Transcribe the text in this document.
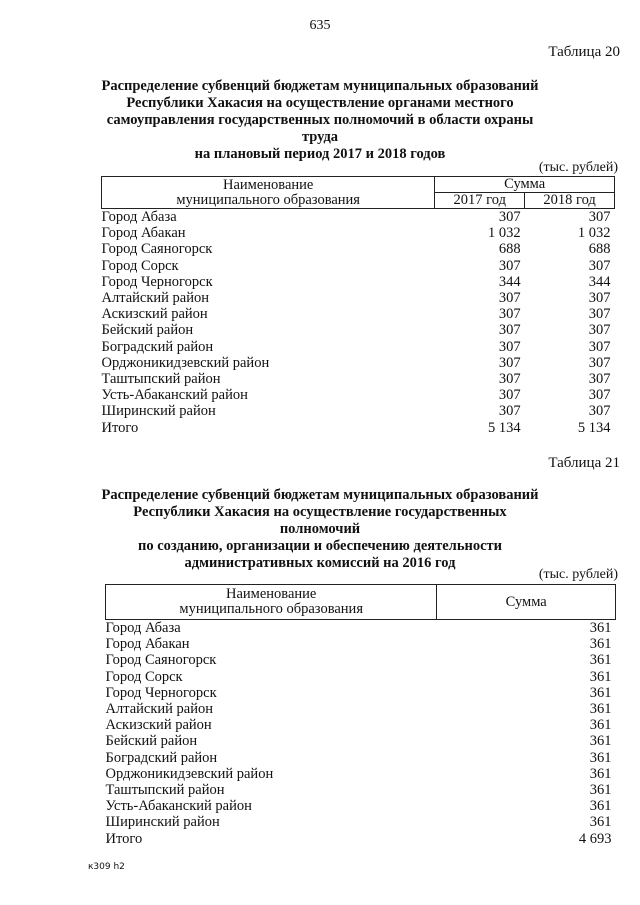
635
Таблица 20
Распределение субвенций бюджетам муниципальных образований
Республики Хакасия на осуществление органами местного
самоуправления государственных полномочий в области охраны труда
на плановый период 2017 и 2018 годов
(тыс. рублей)
Наименование
муниципального образования	Сумма	
	2017 год	2018 год
Город Абаза	307	307
Город Абакан	1 032	1 032
Город Саяногорск	688	688
Город Сорск	307	307
Город Черногорск	344	344
Алтайский район	307	307
Аскизский район	307	307
Бейский район	307	307
Боградский район	307	307
Орджоникидзевский район	307	307
Таштыпский район	307	307
Усть-Абаканский район	307	307
Ширинский район	307	307
Итого	5 134	5 134
Таблица 21
Распределение субвенций бюджетам муниципальных образований
Республики Хакасия на осуществление государственных полномочий
по созданию, организации и обеспечению деятельности
административных комиссий на 2016 год
(тыс. рублей)
Наименование
муниципального образования	Сумма
Город Абаза	361
Город Абакан	361
Город Саяногорск	361
Город Сорск	361
Город Черногорск	361
Алтайский район	361
Аскизский район	361
Бейский район	361
Боградский район	361
Орджоникидзевский район	361
Таштыпский район	361
Усть-Абаканский район	361
Ширинский район	361
Итого	4 693
к309 h2
